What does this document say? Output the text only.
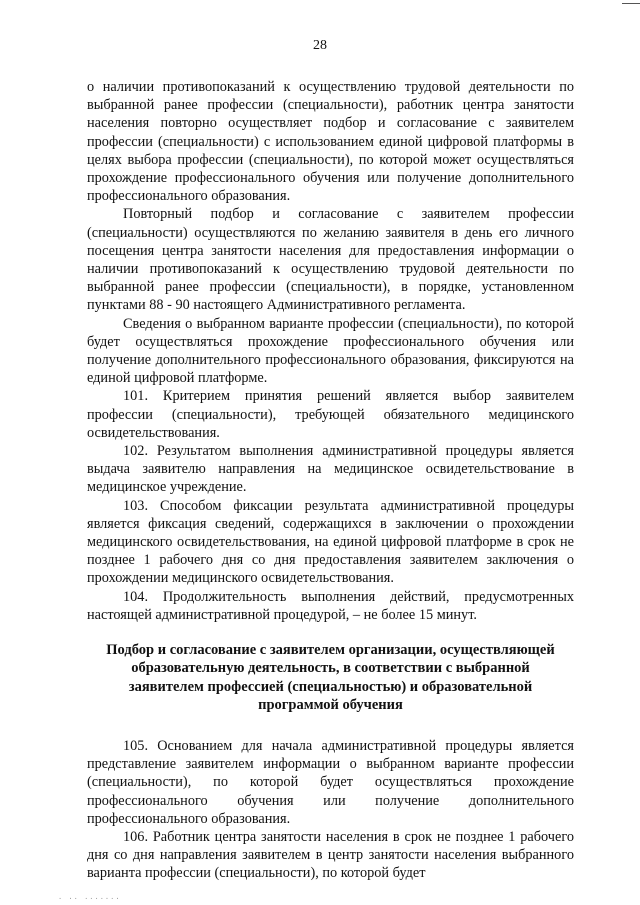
28

о наличии противопоказаний к осуществлению трудовой деятельности по выбранной ранее профессии (специальности), работник центра занятости населения повторно осуществляет подбор и согласование с заявителем профессии (специальности) с использованием единой цифровой платформы в целях выбора профессии (специальности), по которой может осуществляться прохождение профессионального обучения или получение дополнительного профессионального образования.

Повторный подбор и согласование с заявителем профессии (специальности) осуществляются по желанию заявителя в день его личного посещения центра занятости населения для предоставления информации о наличии противопоказаний к осуществлению трудовой деятельности по выбранной ранее профессии (специальности), в порядке, установленном пунктами 88 - 90 настоящего Административного регламента.

Сведения о выбранном варианте профессии (специальности), по которой будет осуществляться прохождение профессионального обучения или получение дополнительного профессионального образования, фиксируются на единой цифровой платформе.

101. Критерием принятия решений является выбор заявителем профессии (специальности), требующей обязательного медицинского освидетельствования.

102. Результатом выполнения административной процедуры является выдача заявителю направления на медицинское освидетельствование в медицинское учреждение.

103. Способом фиксации результата административной процедуры является фиксация сведений, содержащихся в заключении о прохождении медицинского освидетельствования, на единой цифровой платформе в срок не позднее 1 рабочего дня со дня предоставления заявителем заключения о прохождении медицинского освидетельствования.

104. Продолжительность выполнения действий, предусмотренных настоящей административной процедурой, – не более 15 минут.

Подбор и согласование с заявителем организации, осуществляющей
образовательную деятельность, в соответствии с выбранной
заявителем профессией (специальностью) и образовательной
программой обучения

105. Основанием для начала административной процедуры является представление заявителем информации о выбранном варианте профессии (специальности), по которой будет осуществляться прохождение профессионального обучения или получение дополнительного профессионального образования.

106. Работник центра занятости населения в срок не позднее 1 рабочего дня со дня направления заявителем в центр занятости населения выбранного варианта профессии (специальности), по которой будет

· ·· ·······
